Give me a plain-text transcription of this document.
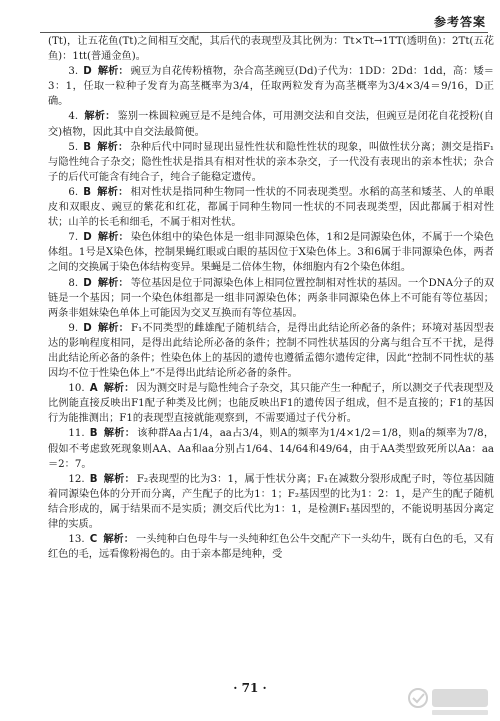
参考答案

(Tt)，让五花鱼(Tt)之间相互交配，其后代的表现型及其比例为：Tt×Tt→1TT(透明鱼)：2Tt(五花鱼)：1tt(普通金鱼)。

3. D 解析： 豌豆为自花传粉植物，杂合高茎豌豆(Dd)子代为：1DD：2Dd：1dd，高：矮＝3：1，任取一粒种子发育为高茎概率为3/4，任取两粒发育为高茎概率为3/4×3/4＝9/16，D正确。

4. 解析： 鉴别一株圆粒豌豆是不是纯合体，可用测交法和自交法，但豌豆是闭花自花授粉(自交)植物，因此其中自交法最简便。

5. B 解析： 杂种后代中同时显现出显性性状和隐性性状的现象，叫做性状分离；测交是指F₁与隐性纯合子杂交；隐性性状是指具有相对性状的亲本杂交，子一代没有表现出的亲本性状；杂合子的后代可能含有纯合子，纯合子能稳定遗传。

6. B 解析： 相对性状是指同种生物同一性状的不同表现类型。水稻的高茎和矮茎、人的单眼皮和双眼皮、豌豆的紫花和红花，都属于同种生物同一性状的不同表现类型，因此都属于相对性状；山羊的长毛和细毛，不属于相对性状。

7. D 解析： 染色体组中的染色体是一组非同源染色体，1和2是同源染色体，不属于一个染色体组。1号是X染色体，控制果蝇红眼或白眼的基因位于X染色体上。3和6属于非同源染色体，两者之间的交换属于染色体结构变异。果蝇是二倍体生物，体细胞内有2个染色体组。

8. D 解析： 等位基因是位于同源染色体上相同位置控制相对性状的基因。一个DNA分子的双链是一个基因；同一个染色体组都是一组非同源染色体；两条非同源染色体上不可能有等位基因；两条非姐妹染色单体上可能因为交叉互换而有等位基因。

9. D 解析： F₁不同类型的雌雄配子随机结合，是得出此结论所必备的条件；环境对基因型表达的影响程度相同，是得出此结论所必备的条件；控制不同性状基因的分离与组合互不干扰，是得出此结论所必备的条件；性染色体上的基因的遗传也遵循孟德尔遗传定律，因此“控制不同性状的基因均不位于性染色体上”不是得出此结论所必备的条件。

10. A 解析： 因为测交时是与隐性纯合子杂交，其只能产生一种配子，所以测交子代表现型及比例能直接反映出F1配子种类及比例；也能反映出F1的遗传因子组成，但不是直接的；F1的基因行为能推测出；F1的表现型直接就能观察到，不需要通过子代分析。

11. B 解析： 该种群Aa占1/4，aa占3/4，则A的频率为1/4×1/2＝1/8，则a的频率为7/8，假如不考虑致死现象则AA、Aa和aa分别占1/64、14/64和49/64，由于AA类型致死所以Aa：aa＝2：7。

12. B 解析： F₂表现型的比为3：1，属于性状分离；F₁在减数分裂形成配子时，等位基因随着同源染色体的分开而分离，产生配子的比为1：1；F₂基因型的比为1：2：1，是产生的配子随机结合形成的，属于结果而不是实质；测交后代比为1：1，是检测F₁基因型的，不能说明基因分离定律的实质。

13. C 解析： 一头纯种白色母牛与一头纯种红色公牛交配产下一头幼牛，既有白色的毛，又有红色的毛，远看像粉褐色的。由于亲本都是纯种，受

· 71 ·
